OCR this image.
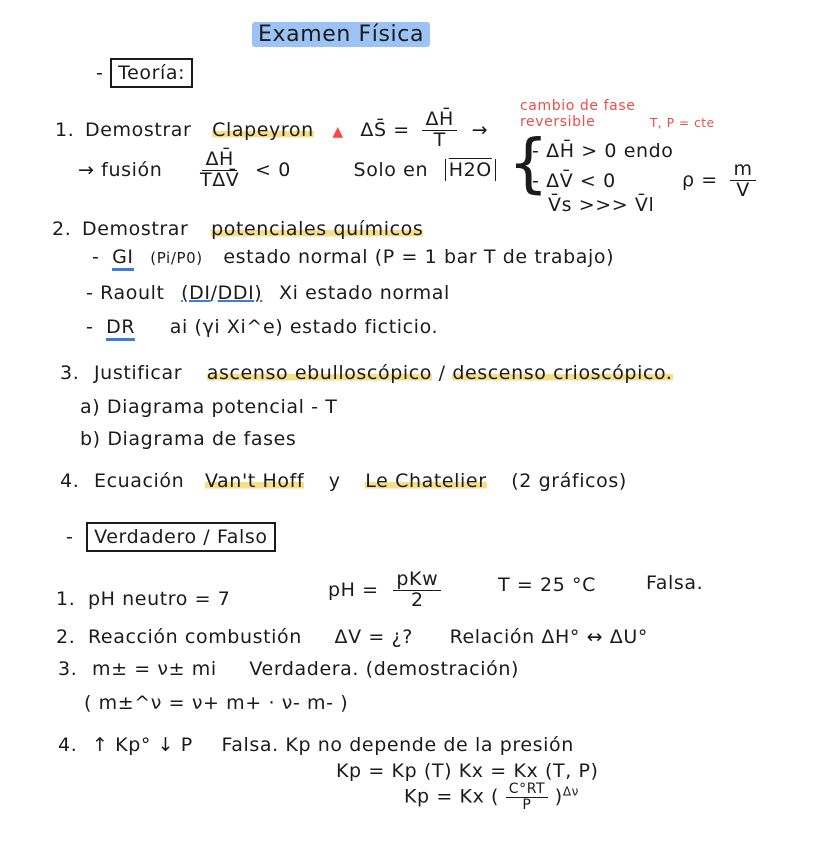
Examen Física
- Teoría:
1. Demostrar Clapeyron ▲ ΔS̄ = $\frac{\Delta H̄}{T}$ →
cambio de fase
reversible	T, P = cte
→ fusión $\frac{\Delta H̄}{\text{TΔV̄}} < 0$	Solo en H2O {
- ΔH̄ > 0 endo
- ΔV̄ < 0
V̄s >>> V̄l
$\rho = \frac{m}{V}$
2. Demostrar potenciales químicos
- GI (Pi/P0) estado normal (P = 1 bar T de trabajo)
- Raoult (DI/DDI) Xi estado normal
- DR ai (γi Xi^e) estado ficticio.
3. Justificar ascenso ebulloscópico / descenso crioscópico.
a) Diagrama potencial - T
b) Diagrama de fases
4. Ecuación Van't Hoff y Le Chatelier (2 gráficos)
- Verdadero / Falso
1. pH neutro = 7	pH = $\frac{\text{pKw}}{2}$	T = 25 °C	Falsa.
2. Reacción combustión ΔV = ¿? Relación ΔH° ↔ ΔU°
3. m± = ν± mi Verdadera. (demostración)
( m±^ν = ν+ m+ · ν- m- )
4. ↑ Kp° ↓ P Falsa. Kp no depende de la presión
Kp = Kp (T) Kx = Kx (T, P)
Kp = Kx ( $\frac{C^\circ RT}{P} )^{\Delta\nu}$
